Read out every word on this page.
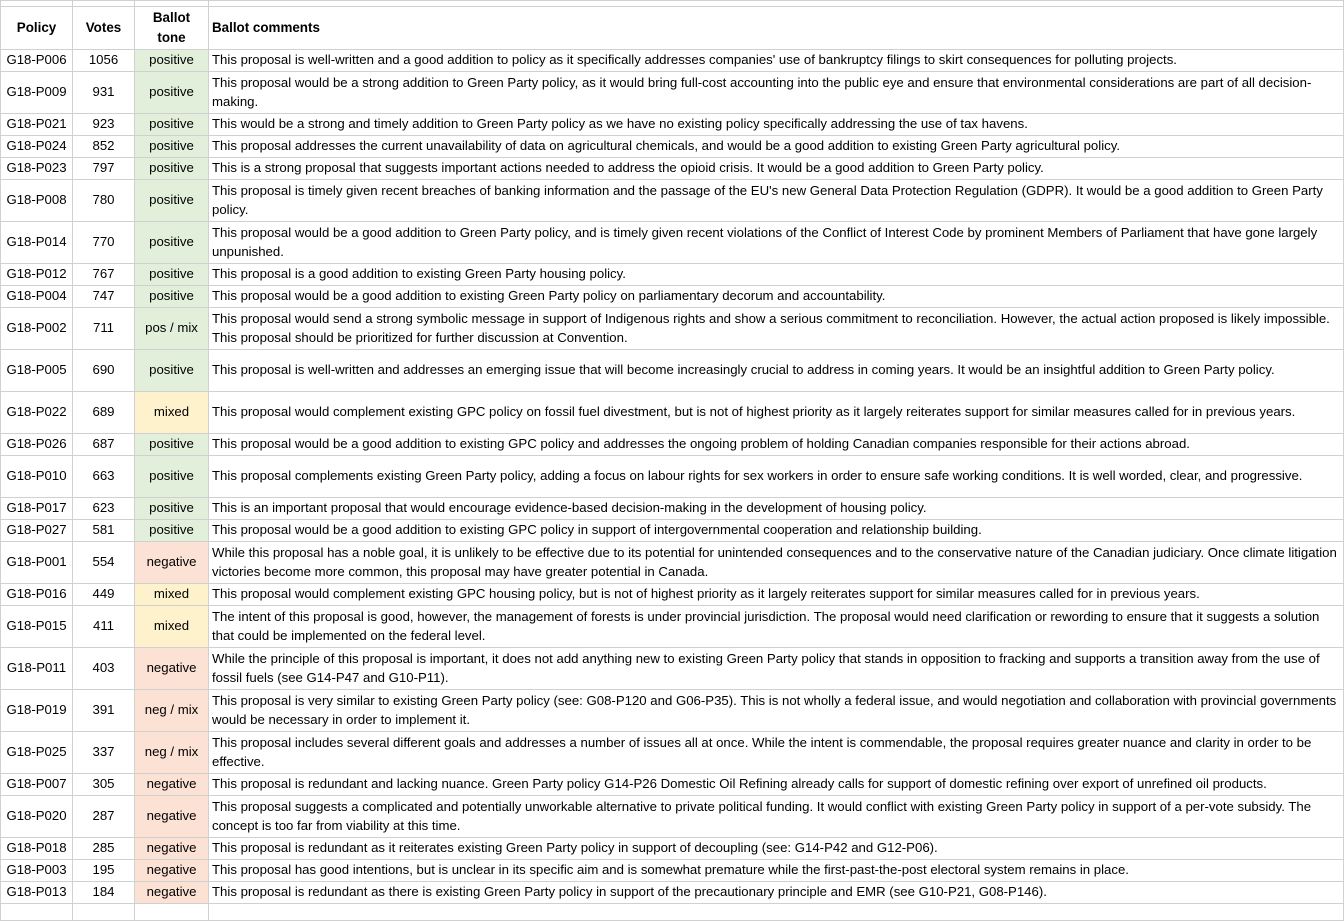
Policy	Votes	Ballot tone	Ballot comments
G18-P006	1056	positive	This proposal is well-written and a good addition to policy as it specifically addresses companies' use of bankruptcy filings to skirt consequences for polluting projects.
G18-P009	931	positive	This proposal would be a strong addition to Green Party policy, as it would bring full-cost accounting into the public eye and ensure that environmental considerations are part of all decision-making.
G18-P021	923	positive	This would be a strong and timely addition to Green Party policy as we have no existing policy specifically addressing the use of tax havens.
G18-P024	852	positive	This proposal addresses the current unavailability of data on agricultural chemicals, and would be a good addition to existing Green Party agricultural policy.
G18-P023	797	positive	This is a strong proposal that suggests important actions needed to address the opioid crisis. It would be a good addition to Green Party policy.
G18-P008	780	positive	This proposal is timely given recent breaches of banking information and the passage of the EU's new General Data Protection Regulation (GDPR). It would be a good addition to Green Party policy.
G18-P014	770	positive	This proposal would be a good addition to Green Party policy, and is timely given recent violations of the Conflict of Interest Code by prominent Members of Parliament that have gone largely unpunished.
G18-P012	767	positive	This proposal is a good addition to existing Green Party housing policy.
G18-P004	747	positive	This proposal would be a good addition to existing Green Party policy on parliamentary decorum and accountability.
G18-P002	711	pos / mix	This proposal would send a strong symbolic message in support of Indigenous rights and show a serious commitment to reconciliation. However, the actual action proposed is likely impossible. This proposal should be prioritized for further discussion at Convention.
G18-P005	690	positive	This proposal is well-written and addresses an emerging issue that will become increasingly crucial to address in coming years. It would be an insightful addition to Green Party policy.
G18-P022	689	mixed	This proposal would complement existing GPC policy on fossil fuel divestment, but is not of highest priority as it largely reiterates support for similar measures called for in previous years.
G18-P026	687	positive	This proposal would be a good addition to existing GPC policy and addresses the ongoing problem of holding Canadian companies responsible for their actions abroad.
G18-P010	663	positive	This proposal complements existing Green Party policy, adding a focus on labour rights for sex workers in order to ensure safe working conditions. It is well worded, clear, and progressive.
G18-P017	623	positive	This is an important proposal that would encourage evidence-based decision-making in the development of housing policy.
G18-P027	581	positive	This proposal would be a good addition to existing GPC policy in support of intergovernmental cooperation and relationship building.
G18-P001	554	negative	While this proposal has a noble goal, it is unlikely to be effective due to its potential for unintended consequences and to the conservative nature of the Canadian judiciary. Once climate litigation victories become more common, this proposal may have greater potential in Canada.
G18-P016	449	mixed	This proposal would complement existing GPC housing policy, but is not of highest priority as it largely reiterates support for similar measures called for in previous years.
G18-P015	411	mixed	The intent of this proposal is good, however, the management of forests is under provincial jurisdiction. The proposal would need clarification or rewording to ensure that it suggests a solution that could be implemented on the federal level.
G18-P011	403	negative	While the principle of this proposal is important, it does not add anything new to existing Green Party policy that stands in opposition to fracking and supports a transition away from the use of fossil fuels (see G14-P47 and G10-P11).
G18-P019	391	neg / mix	This proposal is very similar to existing Green Party policy (see: G08-P120 and G06-P35). This is not wholly a federal issue, and would negotiation and collaboration with provincial governments would be necessary in order to implement it.
G18-P025	337	neg / mix	This proposal includes several different goals and addresses a number of issues all at once. While the intent is commendable, the proposal requires greater nuance and clarity in order to be effective.
G18-P007	305	negative	This proposal is redundant and lacking nuance. Green Party policy G14-P26 Domestic Oil Refining already calls for support of domestic refining over export of unrefined oil products.
G18-P020	287	negative	This proposal suggests a complicated and potentially unworkable alternative to private political funding. It would conflict with existing Green Party policy in support of a per-vote subsidy. The concept is too far from viability at this time.
G18-P018	285	negative	This proposal is redundant as it reiterates existing Green Party policy in support of decoupling (see: G14-P42 and G12-P06).
G18-P003	195	negative	This proposal has good intentions, but is unclear in its specific aim and is somewhat premature while the first-past-the-post electoral system remains in place.
G18-P013	184	negative	This proposal is redundant as there is existing Green Party policy in support of the precautionary principle and EMR (see G10-P21, G08-P146).
